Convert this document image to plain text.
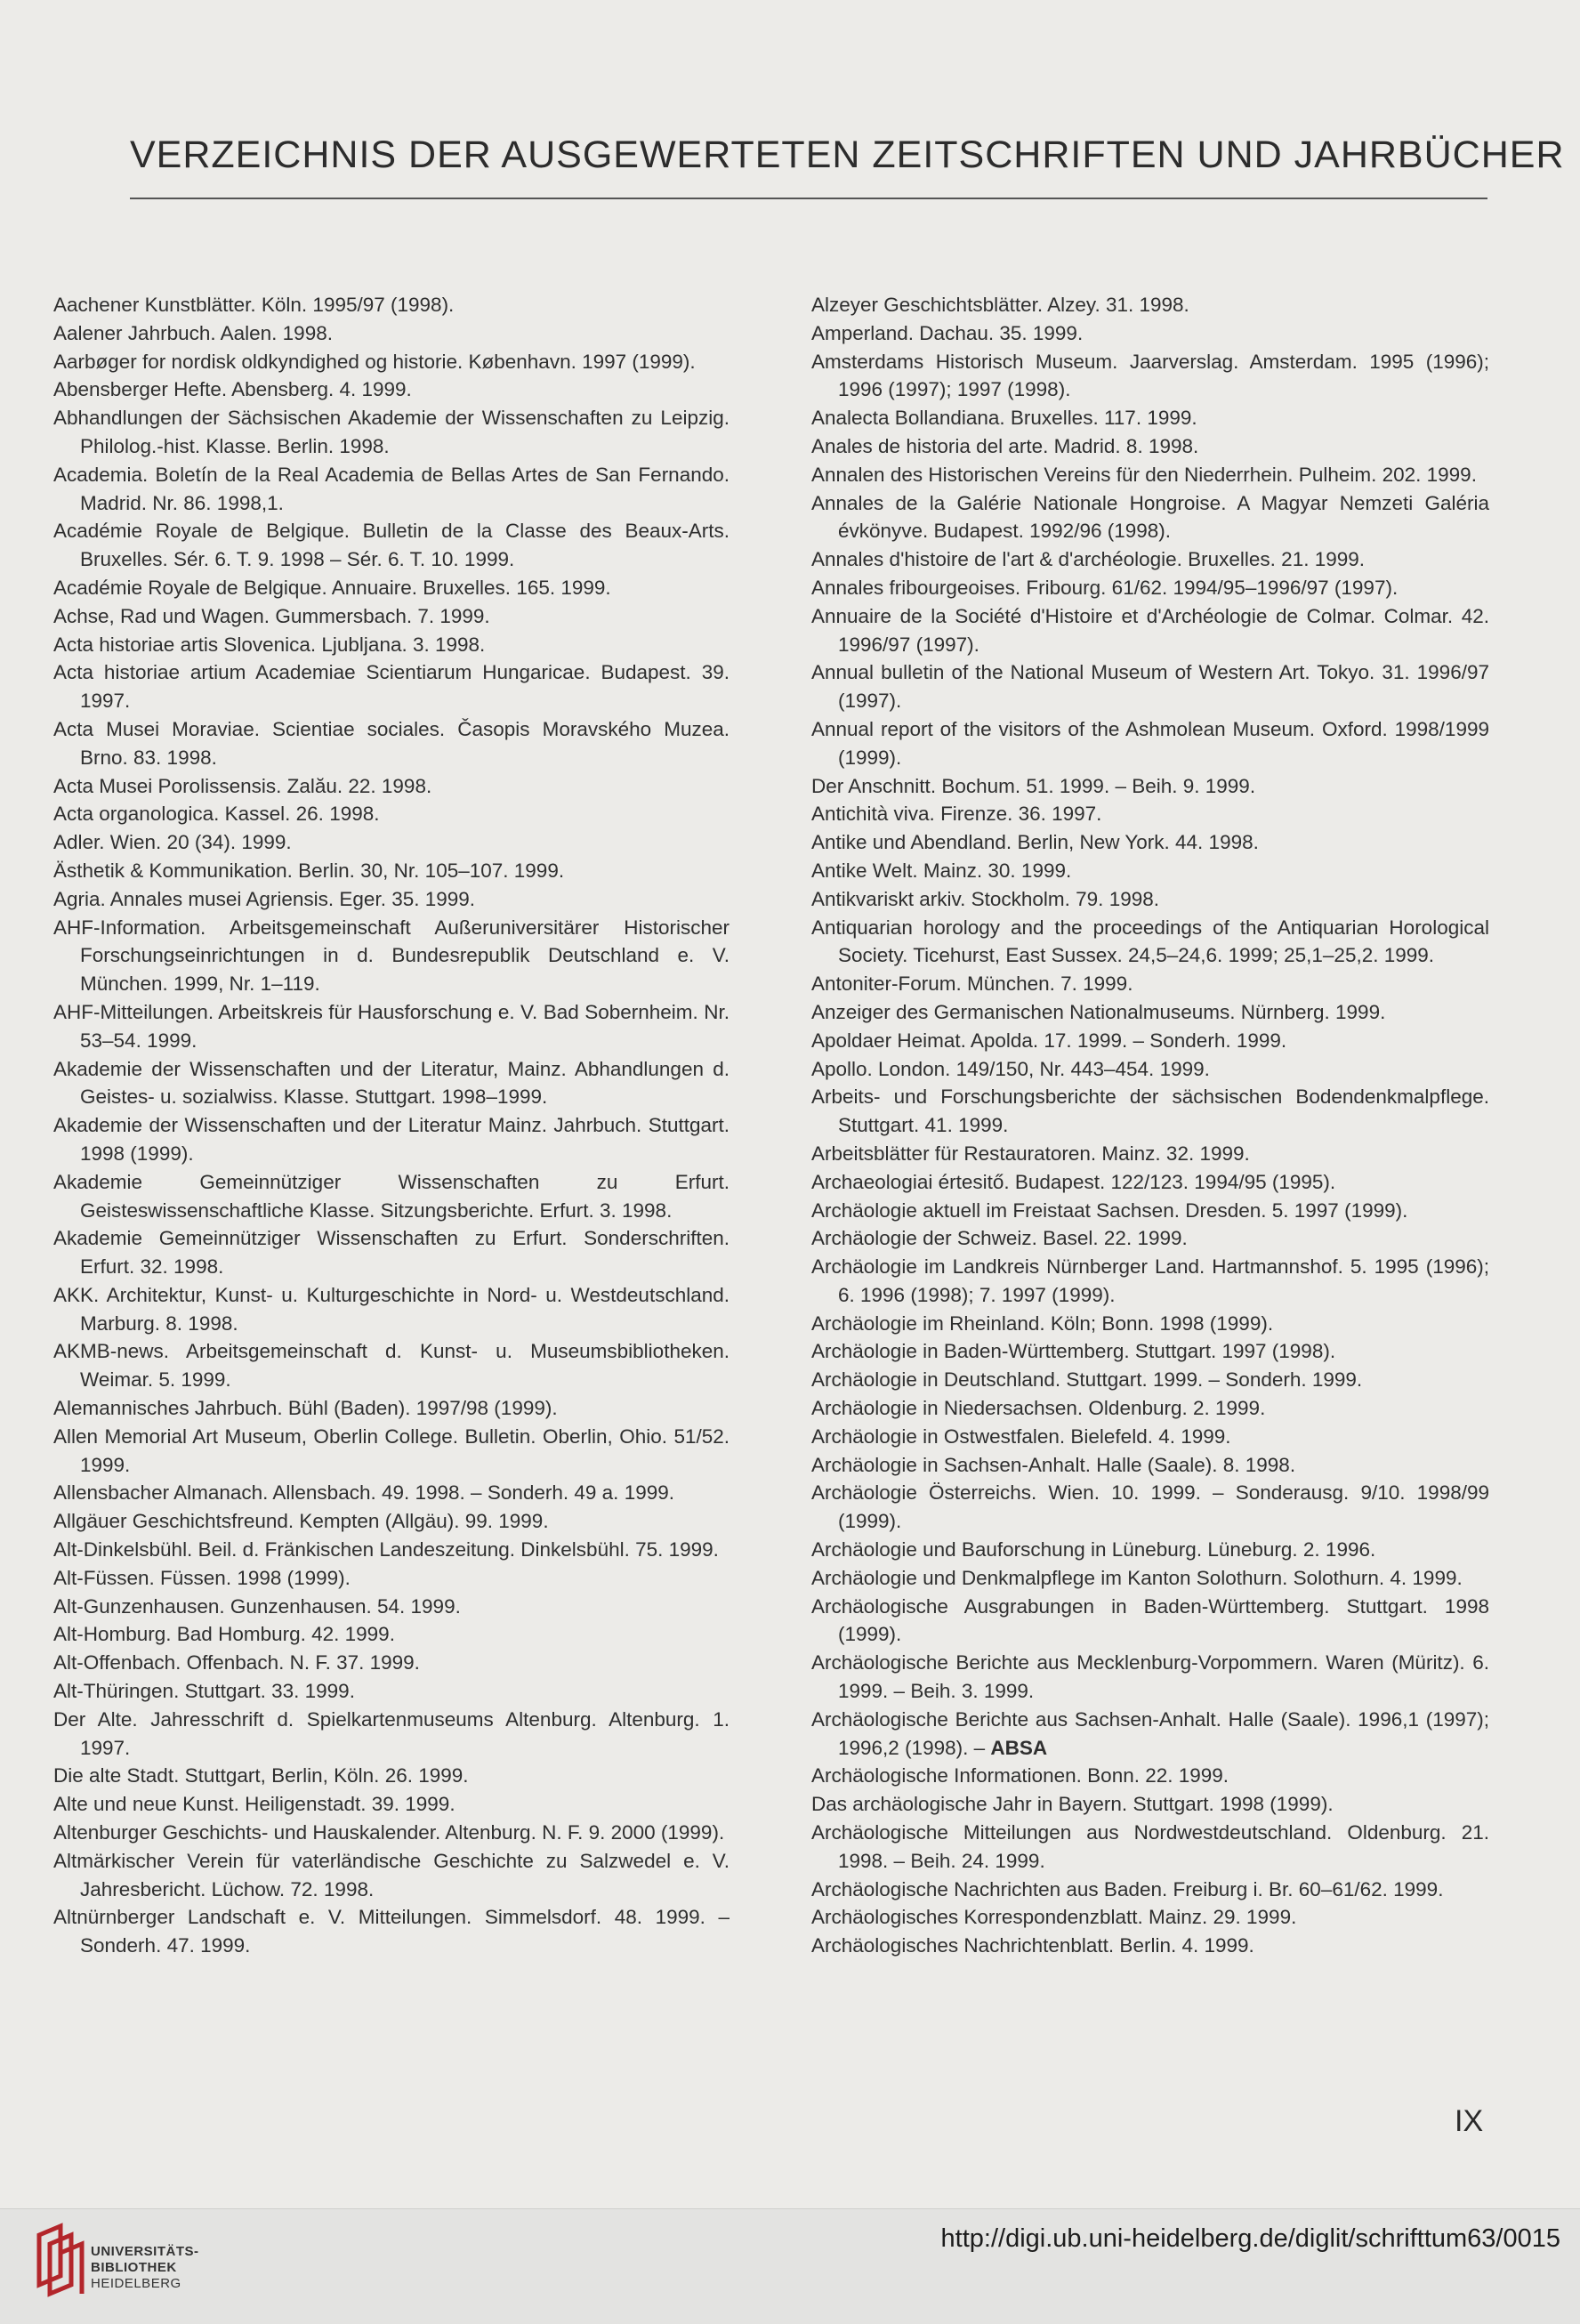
VERZEICHNIS DER AUSGEWERTETEN ZEITSCHRIFTEN UND JAHRBÜCHER
Aachener Kunstblätter. Köln. 1995/97 (1998).
Aalener Jahrbuch. Aalen. 1998.
Aarbøger for nordisk oldkyndighed og historie. København. 1997 (1999).
Abensberger Hefte. Abensberg. 4. 1999.
Abhandlungen der Sächsischen Akademie der Wissenschaften zu Leipzig. Philolog.-hist. Klasse. Berlin. 1998.
Academia. Boletín de la Real Academia de Bellas Artes de San Fernando. Madrid. Nr. 86. 1998,1.
Académie Royale de Belgique. Bulletin de la Classe des Beaux-Arts. Bruxelles. Sér. 6. T. 9. 1998 – Sér. 6. T. 10. 1999.
Académie Royale de Belgique. Annuaire. Bruxelles. 165. 1999.
Achse, Rad und Wagen. Gummersbach. 7. 1999.
Acta historiae artis Slovenica. Ljubljana. 3. 1998.
Acta historiae artium Academiae Scientiarum Hungaricae. Budapest. 39. 1997.
Acta Musei Moraviae. Scientiae sociales. Časopis Moravského Muzea. Brno. 83. 1998.
Acta Musei Porolissensis. Zalău. 22. 1998.
Acta organologica. Kassel. 26. 1998.
Adler. Wien. 20 (34). 1999.
Ästhetik & Kommunikation. Berlin. 30, Nr. 105–107. 1999.
Agria. Annales musei Agriensis. Eger. 35. 1999.
AHF-Information. Arbeitsgemeinschaft Außeruniversitärer Historischer Forschungseinrichtungen in d. Bundesrepublik Deutschland e. V. München. 1999, Nr. 1–119.
AHF-Mitteilungen. Arbeitskreis für Hausforschung e. V. Bad Sobernheim. Nr. 53–54. 1999.
Akademie der Wissenschaften und der Literatur, Mainz. Abhandlungen d. Geistes- u. sozialwiss. Klasse. Stuttgart. 1998–1999.
Akademie der Wissenschaften und der Literatur Mainz. Jahrbuch. Stuttgart. 1998 (1999).
Akademie Gemeinnütziger Wissenschaften zu Erfurt. Geisteswissenschaftliche Klasse. Sitzungsberichte. Erfurt. 3. 1998.
Akademie Gemeinnütziger Wissenschaften zu Erfurt. Sonderschriften. Erfurt. 32. 1998.
AKK. Architektur, Kunst- u. Kulturgeschichte in Nord- u. Westdeutschland. Marburg. 8. 1998.
AKMB-news. Arbeitsgemeinschaft d. Kunst- u. Museumsbibliotheken. Weimar. 5. 1999.
Alemannisches Jahrbuch. Bühl (Baden). 1997/98 (1999).
Allen Memorial Art Museum, Oberlin College. Bulletin. Oberlin, Ohio. 51/52. 1999.
Allensbacher Almanach. Allensbach. 49. 1998. – Sonderh. 49 a. 1999.
Allgäuer Geschichtsfreund. Kempten (Allgäu). 99. 1999.
Alt-Dinkelsbühl. Beil. d. Fränkischen Landeszeitung. Dinkelsbühl. 75. 1999.
Alt-Füssen. Füssen. 1998 (1999).
Alt-Gunzenhausen. Gunzenhausen. 54. 1999.
Alt-Homburg. Bad Homburg. 42. 1999.
Alt-Offenbach. Offenbach. N. F. 37. 1999.
Alt-Thüringen. Stuttgart. 33. 1999.
Der Alte. Jahresschrift d. Spielkartenmuseums Altenburg. Altenburg. 1. 1997.
Die alte Stadt. Stuttgart, Berlin, Köln. 26. 1999.
Alte und neue Kunst. Heiligenstadt. 39. 1999.
Altenburger Geschichts- und Hauskalender. Altenburg. N. F. 9. 2000 (1999).
Altmärkischer Verein für vaterländische Geschichte zu Salzwedel e. V. Jahresbericht. Lüchow. 72. 1998.
Altnürnberger Landschaft e. V. Mitteilungen. Simmelsdorf. 48. 1999. – Sonderh. 47. 1999.
Alzeyer Geschichtsblätter. Alzey. 31. 1998.
Amperland. Dachau. 35. 1999.
Amsterdams Historisch Museum. Jaarverslag. Amsterdam. 1995 (1996); 1996 (1997); 1997 (1998).
Analecta Bollandiana. Bruxelles. 117. 1999.
Anales de historia del arte. Madrid. 8. 1998.
Annalen des Historischen Vereins für den Niederrhein. Pulheim. 202. 1999.
Annales de la Galérie Nationale Hongroise. A Magyar Nemzeti Galéria évkönyve. Budapest. 1992/96 (1998).
Annales d'histoire de l'art & d'archéologie. Bruxelles. 21. 1999.
Annales fribourgeoises. Fribourg. 61/62. 1994/95–1996/97 (1997).
Annuaire de la Société d'Histoire et d'Archéologie de Colmar. Colmar. 42. 1996/97 (1997).
Annual bulletin of the National Museum of Western Art. Tokyo. 31. 1996/97 (1997).
Annual report of the visitors of the Ashmolean Museum. Oxford. 1998/1999 (1999).
Der Anschnitt. Bochum. 51. 1999. – Beih. 9. 1999.
Antichità viva. Firenze. 36. 1997.
Antike und Abendland. Berlin, New York. 44. 1998.
Antike Welt. Mainz. 30. 1999.
Antikvariskt arkiv. Stockholm. 79. 1998.
Antiquarian horology and the proceedings of the Antiquarian Horological Society. Ticehurst, East Sussex. 24,5–24,6. 1999; 25,1–25,2. 1999.
Antoniter-Forum. München. 7. 1999.
Anzeiger des Germanischen Nationalmuseums. Nürnberg. 1999.
Apoldaer Heimat. Apolda. 17. 1999. – Sonderh. 1999.
Apollo. London. 149/150, Nr. 443–454. 1999.
Arbeits- und Forschungsberichte der sächsischen Bodendenkmalpflege. Stuttgart. 41. 1999.
Arbeitsblätter für Restauratoren. Mainz. 32. 1999.
Archaeologiai értesitő. Budapest. 122/123. 1994/95 (1995).
Archäologie aktuell im Freistaat Sachsen. Dresden. 5. 1997 (1999).
Archäologie der Schweiz. Basel. 22. 1999.
Archäologie im Landkreis Nürnberger Land. Hartmannshof. 5. 1995 (1996); 6. 1996 (1998); 7. 1997 (1999).
Archäologie im Rheinland. Köln; Bonn. 1998 (1999).
Archäologie in Baden-Württemberg. Stuttgart. 1997 (1998).
Archäologie in Deutschland. Stuttgart. 1999. – Sonderh. 1999.
Archäologie in Niedersachsen. Oldenburg. 2. 1999.
Archäologie in Ostwestfalen. Bielefeld. 4. 1999.
Archäologie in Sachsen-Anhalt. Halle (Saale). 8. 1998.
Archäologie Österreichs. Wien. 10. 1999. – Sonderausg. 9/10. 1998/99 (1999).
Archäologie und Bauforschung in Lüneburg. Lüneburg. 2. 1996.
Archäologie und Denkmalpflege im Kanton Solothurn. Solothurn. 4. 1999.
Archäologische Ausgrabungen in Baden-Württemberg. Stuttgart. 1998 (1999).
Archäologische Berichte aus Mecklenburg-Vorpommern. Waren (Müritz). 6. 1999. – Beih. 3. 1999.
Archäologische Berichte aus Sachsen-Anhalt. Halle (Saale). 1996,1 (1997); 1996,2 (1998). – ABSA
Archäologische Informationen. Bonn. 22. 1999.
Das archäologische Jahr in Bayern. Stuttgart. 1998 (1999).
Archäologische Mitteilungen aus Nordwestdeutschland. Oldenburg. 21. 1998. – Beih. 24. 1999.
Archäologische Nachrichten aus Baden. Freiburg i. Br. 60–61/62. 1999.
Archäologisches Korrespondenzblatt. Mainz. 29. 1999.
Archäologisches Nachrichtenblatt. Berlin. 4. 1999.
IX
UNIVERSITÄTS-
BIBLIOTHEK
HEIDELBERG
http://digi.ub.uni-heidelberg.de/diglit/schrifttum63/0015
